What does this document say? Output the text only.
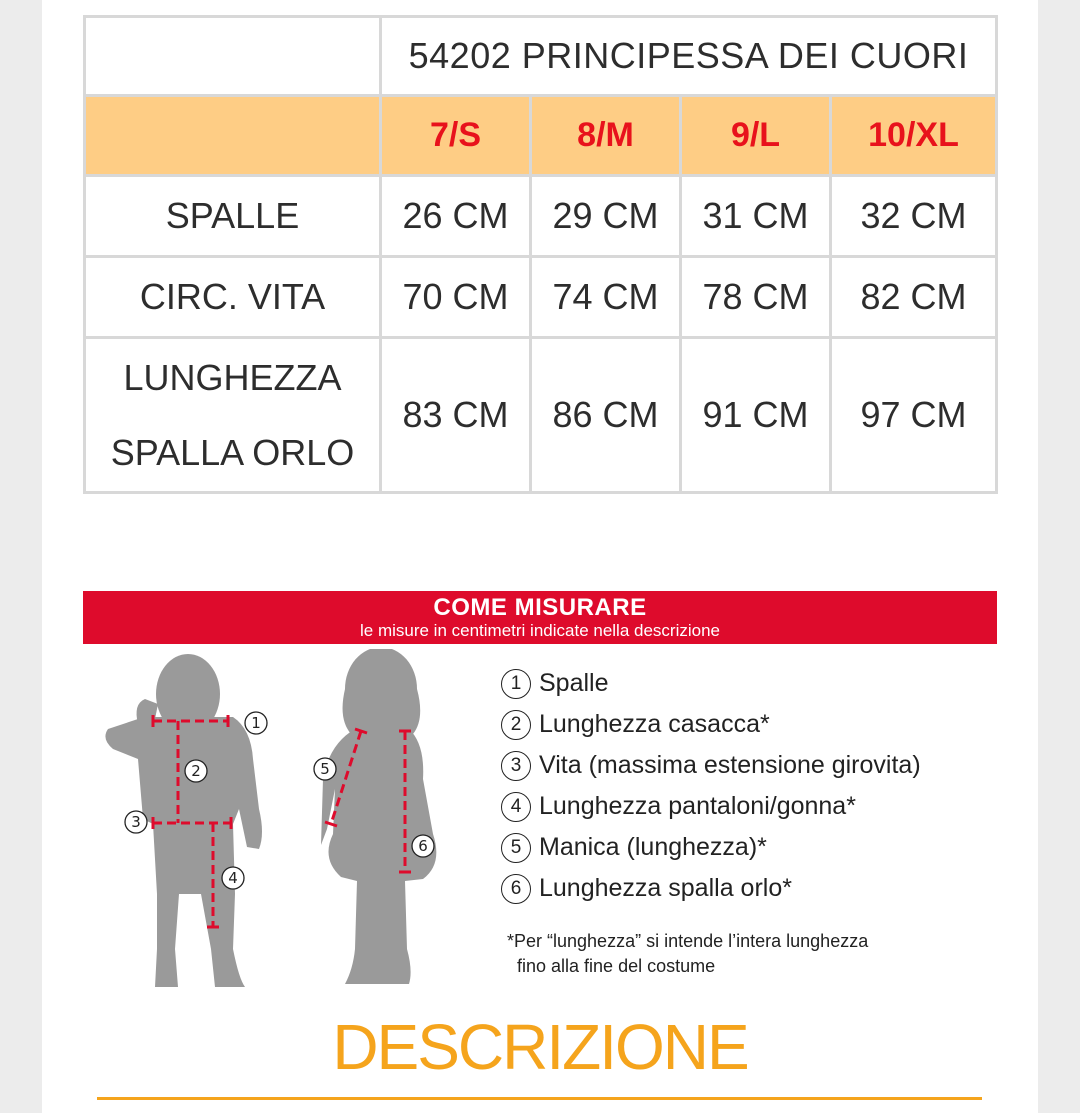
	54202 PRINCIPESSA DEI CUORI			
	7/S	8/M	9/L	10/XL
SPALLE	26 CM	29 CM	31 CM	32 CM
CIRC. VITA	70 CM	74 CM	78 CM	82 CM

LUNGHEZZA
SPALLA ORLO	83 CM	86 CM	91 CM	97 CM
COME MISURARE
le misure in centimetri indicate nella descrizione
1
2
3
4
5
6
1 Spalle
2 Lunghezza casacca*
3 Vita (massima estensione girovita)
4 Lunghezza pantaloni/gonna*
5 Manica (lunghezza)*
6 Lunghezza spalla orlo*
*Per “lunghezza” si intende l’intera lunghezza
fino alla fine del costume
DESCRIZIONE
